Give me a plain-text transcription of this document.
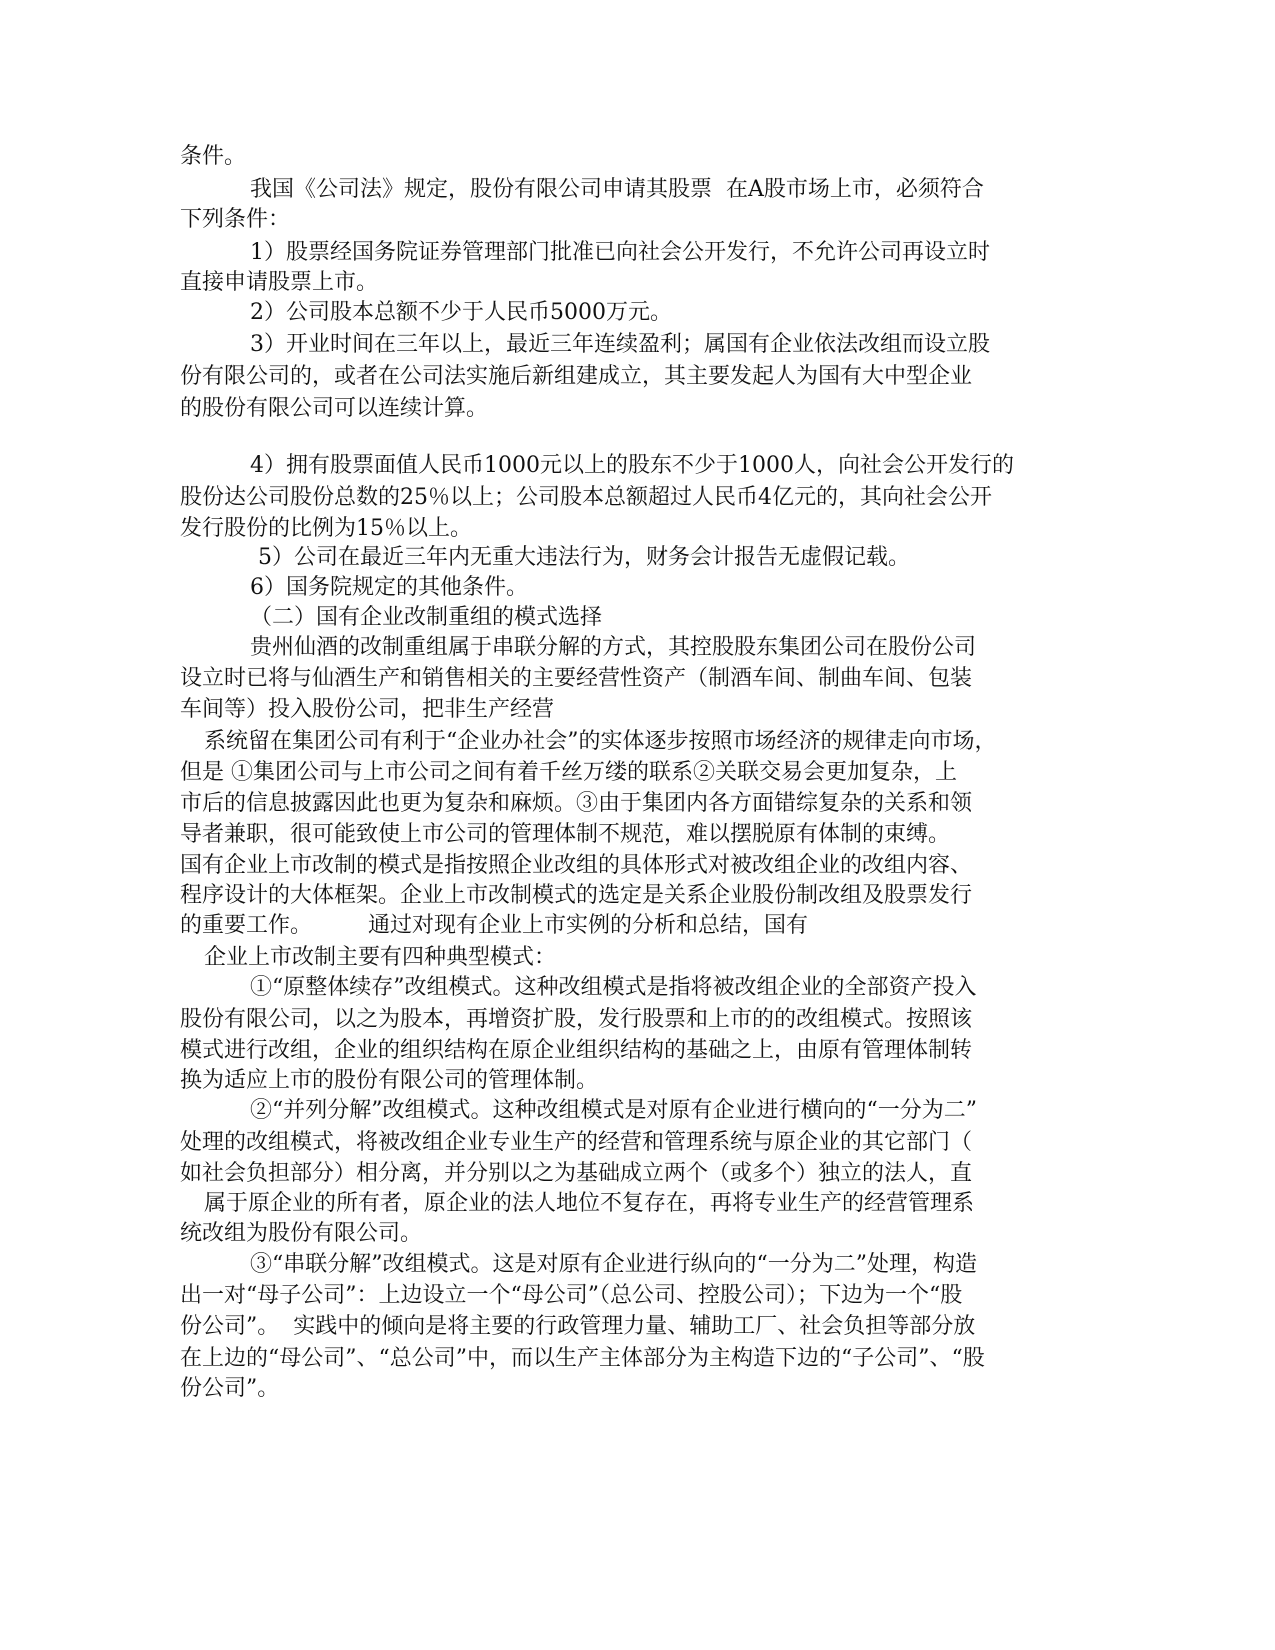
条件。
我国《公司法》规定，股份有限公司申请其股票  在A股市场上市，必须符合
下列条件：
1）股票经国务院证券管理部门批准已向社会公开发行，不允许公司再设立时
直接申请股票上市。
2）公司股本总额不少于人民币5000万元。
3）开业时间在三年以上，最近三年连续盈利；属国有企业依法改组而设立股
份有限公司的，或者在公司法实施后新组建成立，其主要发起人为国有大中型企业
的股份有限公司可以连续计算。
4）拥有股票面值人民币1000元以上的股东不少于1000人，向社会公开发行的
股份达公司股份总数的25％以上；公司股本总额超过人民币4亿元的，其向社会公开
发行股份的比例为15％以上。
5）公司在最近三年内无重大违法行为，财务会计报告无虚假记载。
6）国务院规定的其他条件。
（二）国有企业改制重组的模式选择
贵州仙酒的改制重组属于串联分解的方式，其控股股东集团公司在股份公司
设立时已将与仙酒生产和销售相关的主要经营性资产（制酒车间、制曲车间、包装
车间等）投入股份公司，把非生产经营
系统留在集团公司有利于“企业办社会”的实体逐步按照市场经济的规律走向市场，
但是 ①集团公司与上市公司之间有着千丝万缕的联系②关联交易会更加复杂，上
市后的信息披露因此也更为复杂和麻烦。③由于集团内各方面错综复杂的关系和领
导者兼职，很可能致使上市公司的管理体制不规范，难以摆脱原有体制的束缚。
国有企业上市改制的模式是指按照企业改组的具体形式对被改组企业的改组内容、
程序设计的大体框架。企业上市改制模式的选定是关系企业股份制改组及股票发行
的重要工作。        通过对现有企业上市实例的分析和总结，国有
企业上市改制主要有四种典型模式：
①“原整体续存”改组模式。这种改组模式是指将被改组企业的全部资产投入
股份有限公司，以之为股本，再增资扩股，发行股票和上市的的改组模式。按照该
模式进行改组，企业的组织结构在原企业组织结构的基础之上，由原有管理体制转
换为适应上市的股份有限公司的管理体制。
②“并列分解”改组模式。这种改组模式是对原有企业进行横向的“一分为二”
处理的改组模式，将被改组企业专业生产的经营和管理系统与原企业的其它部门（
如社会负担部分）相分离，并分别以之为基础成立两个（或多个）独立的法人，直
属于原企业的所有者，原企业的法人地位不复存在，再将专业生产的经营管理系
统改组为股份有限公司。
③“串联分解”改组模式。这是对原有企业进行纵向的“一分为二”处理，构造
出一对“母子公司”：上边设立一个“母公司”（总公司、控股公司）；下边为一个“股
份公司”。  实践中的倾向是将主要的行政管理力量、辅助工厂、社会负担等部分放
在上边的“母公司”、“总公司”中，而以生产主体部分为主构造下边的“子公司”、“股
份公司”。
